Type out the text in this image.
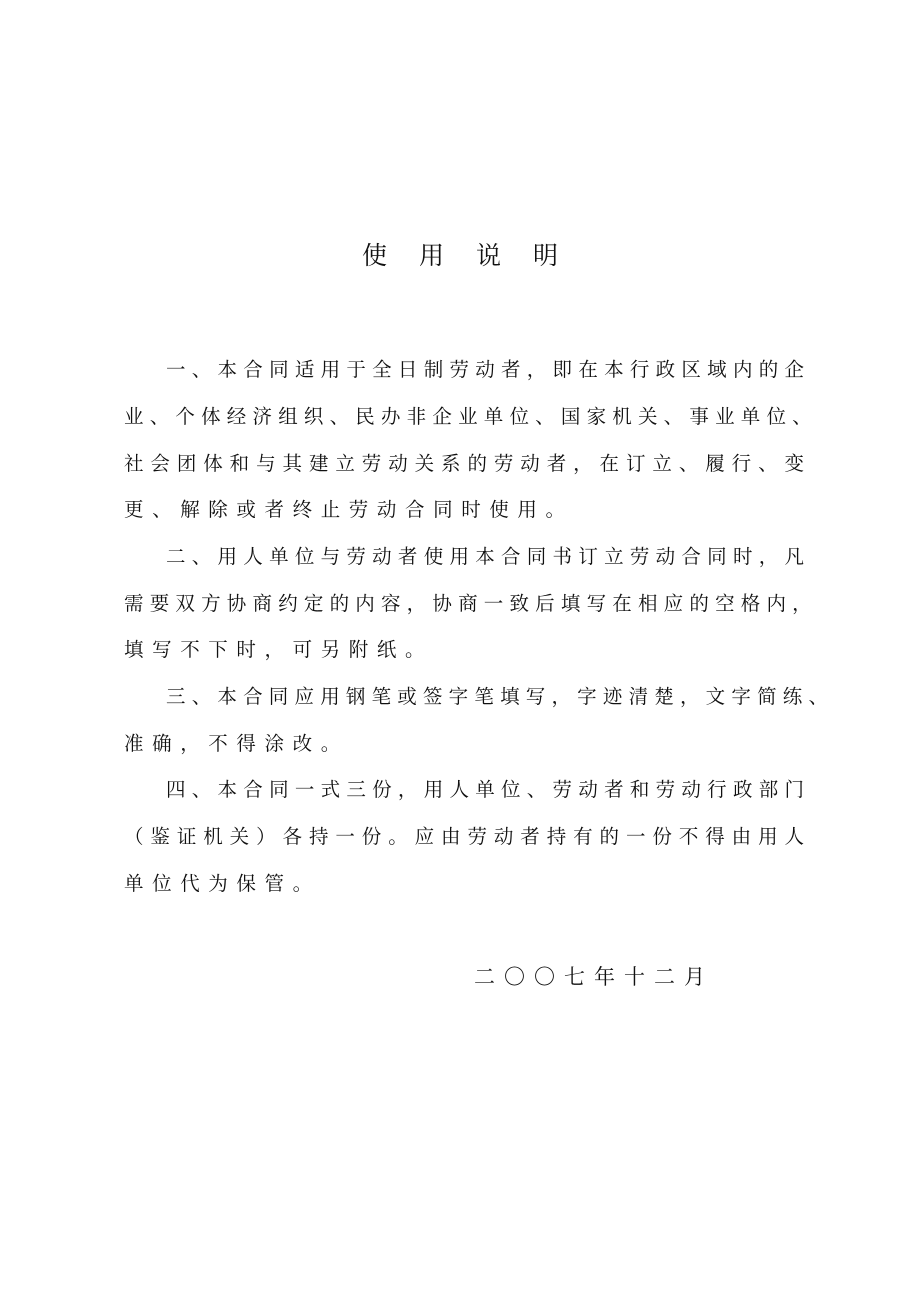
使用说明
一 、 本 合 同 适 用 于 全 日 制 劳 动 者 ， 即 在 本 行 政 区 域 内 的 企
业 、 个 体 经 济 组 织 、 民 办 非 企 业 单 位 、 国 家 机 关 、 事 业 单 位 、
社 会 团 体 和 与 其 建 立 劳 动 关 系 的 劳 动 者 ， 在 订 立 、 履 行 、 变
更、解除或者终止劳动合同时使用。
二 、 用 人 单 位 与 劳 动 者 使 用 本 合 同 书 订 立 劳 动 合 同 时 ， 凡
需 要 双 方 协 商 约 定 的 内 容 ， 协 商 一 致 后 填 写 在 相 应 的 空 格 内 ，
填写不下时，可另附纸。
三 、 本 合 同 应 用 钢 笔 或 签 字 笔 填 写 ， 字 迹 清 楚 ， 文 字 简 练 、
准确，不得涂改。
四 、 本 合 同 一 式 三 份 ， 用 人 单 位 、 劳 动 者 和 劳 动 行 政 部 门
（ 鉴 证 机 关 ） 各 持 一 份 。 应 由 劳 动 者 持 有 的 一 份 不 得 由 用 人
单位代为保管。
二〇〇七年十二月
